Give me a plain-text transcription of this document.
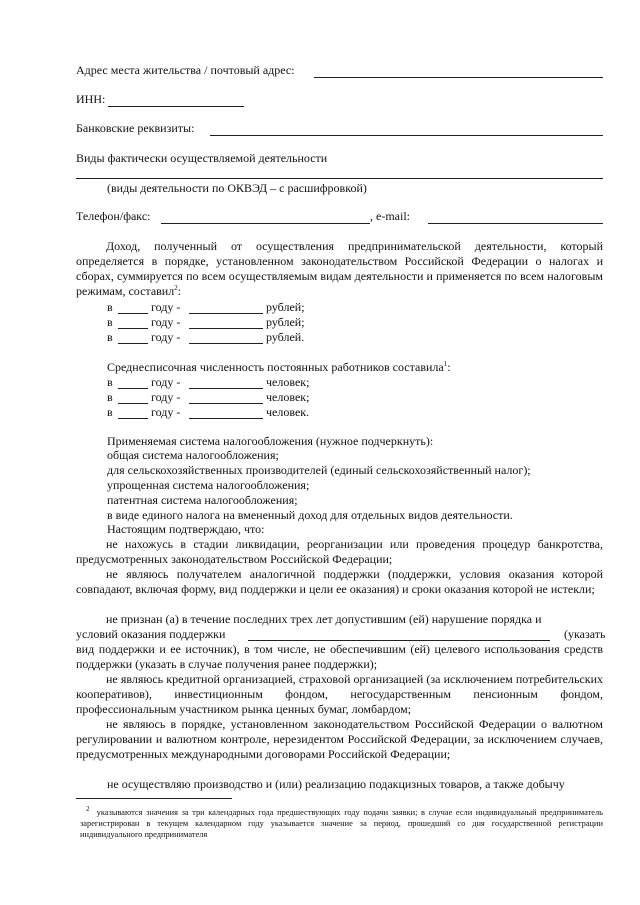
Адрес места жительства / почтовый адрес:
ИНН:
Банковские реквизиты:
Виды фактически осуществляемой деятельности
(виды деятельности по ОКВЭД – с расшифровкой)
Телефон/факс:	, e-mail:
Доход, полученный от осуществления предпринимательской деятельности, который определяется в порядке, установленном законодательством Российской Федерации о налогах и сборах, суммируется по всем осуществляемым видам деятельности и применяется по всем налоговым режимам, составил$^2$:
в	году -	рублей;
в	году -	рублей;
в	году -	рублей.
Среднесписочная численность постоянных работников составила$^1$:
в	году -	человек;
в	году -	человек;
в	году -	человек.
Применяемая система налогообложения (нужное подчеркнуть):
общая система налогообложения;
для сельскохозяйственных производителей (единый сельскохозяйственный налог);
упрощенная система налогообложения;
патентная система налогообложения;
в виде единого налога на вмененный доход для отдельных видов деятельности.
Настоящим подтверждаю, что:
не нахожусь в стадии ликвидации, реорганизации или проведения процедур банкротства, предусмотренных законодательством Российской Федерации;
не являюсь получателем аналогичной поддержки (поддержки, условия оказания которой совпадают, включая форму, вид поддержки и цели ее оказания) и сроки оказания которой не истекли;
не признан (а) в течение последних трех лет допустившим (ей) нарушение порядка и
условий оказания поддержки	(указать
вид поддержки и ее источник), в том числе, не обеспечившим (ей) целевого использования средств поддержки (указать в случае получения ранее поддержки);
не являюсь кредитной организацией, страховой организацией (за исключением потребительских кооперативов), инвестиционным фондом, негосударственным пенсионным фондом, профессиональным участником рынка ценных бумаг, ломбардом;
не являюсь в порядке, установленном законодательством Российской Федерации о валютном регулировании и валютном контроле, нерезидентом Российской Федерации, за исключением случаев, предусмотренных международными договорами Российской Федерации;
не осуществляю производство и (или) реализацию подакцизных товаров, а также добычу
$^2$ указываются значения за три календарных года предшествующих году подачи заявки; в случае если индивидуальный предприниматель зарегистрирован в текущем календарном году указывается значение за период, прошедший со дня государственной регистрации индивидуального предпринимателя
